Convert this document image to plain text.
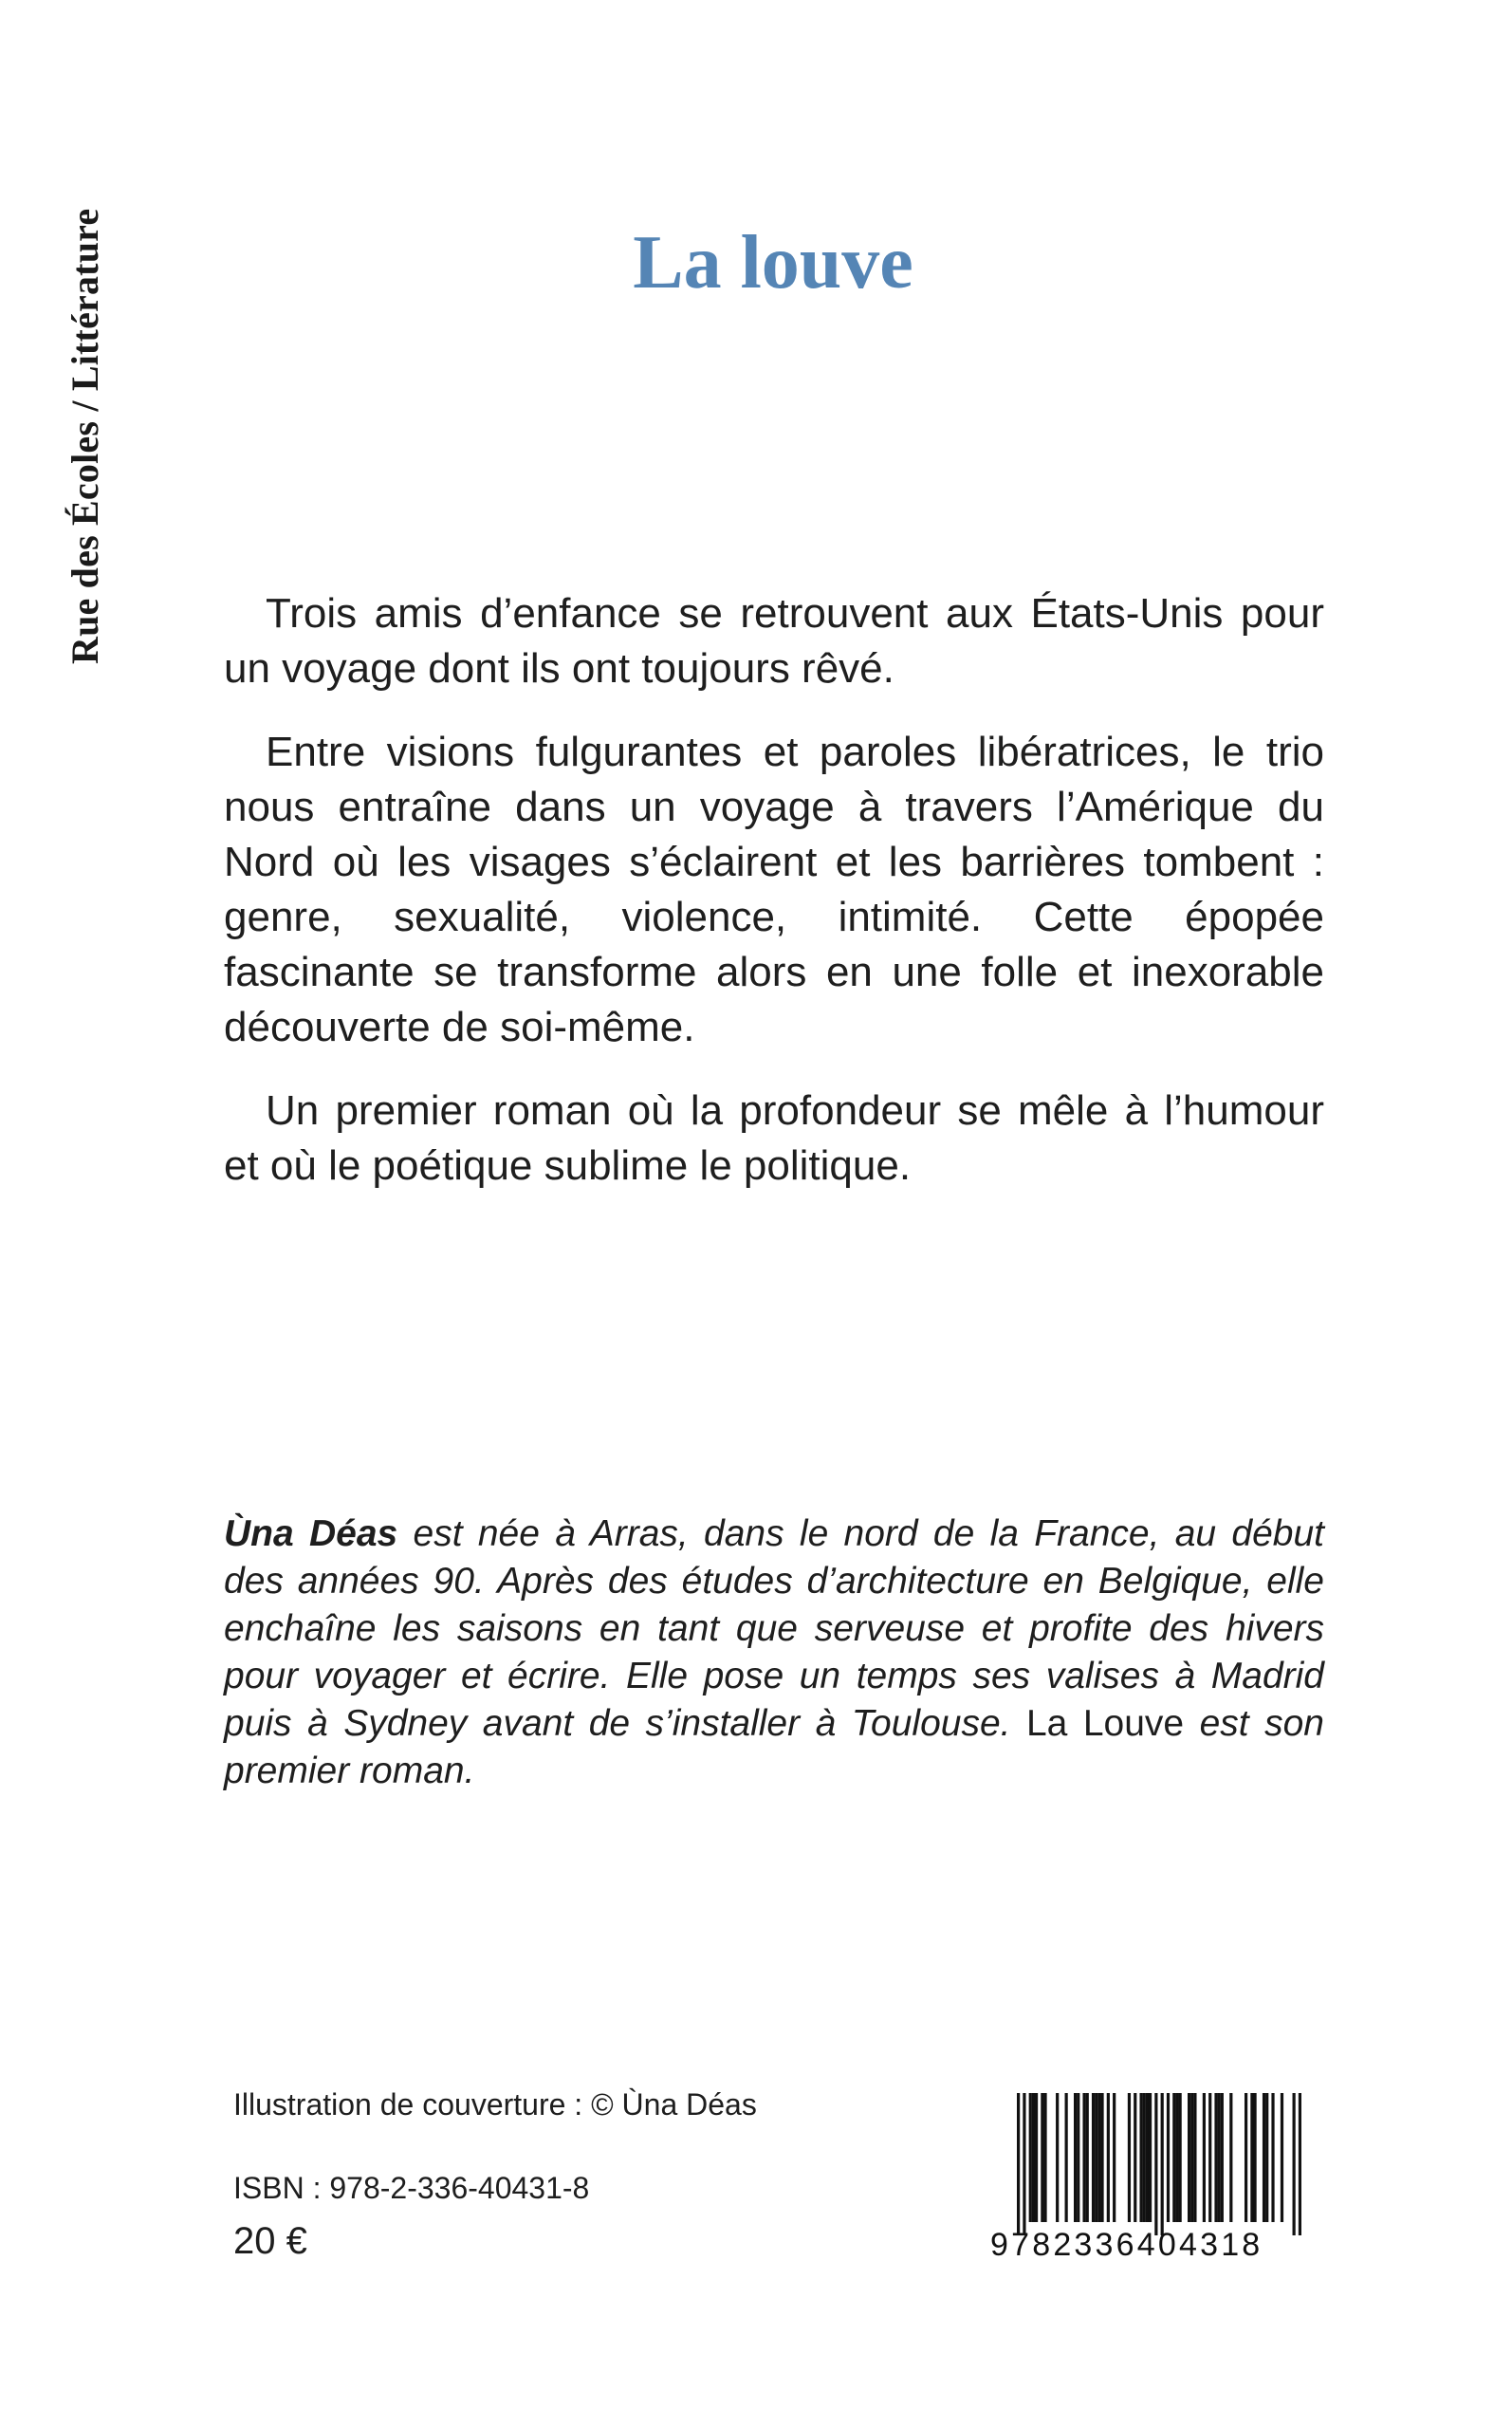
Rue des Écoles / Littérature	La louve

Trois amis d’enfance se retrouvent aux États-Unis pour un voyage dont ils ont toujours rêvé.

Entre visions fulgurantes et paroles libératrices, le trio nous entraîne dans un voyage à travers l’Amérique du Nord où les visages s’éclairent et les barrières tombent : genre, sexualité, violence, intimité. Cette épopée fascinante se transforme alors en une folle et inexorable découverte de soi-même.

Un premier roman où la profondeur se mêle à l’humour et où le poétique sublime le politique.

Ùna Déas est née à Arras, dans le nord de la France, au début des années 90. Après des études d’architecture en Belgique, elle enchaîne les saisons en tant que serveuse et profite des hivers pour voyager et écrire. Elle pose un temps ses valises à Madrid puis à Sydney avant de s’installer à Toulouse. La Louve est son premier roman.

Illustration de couverture : © Ùna Déas
ISBN : 978-2-336-40431-8
20 €	9782336404318
